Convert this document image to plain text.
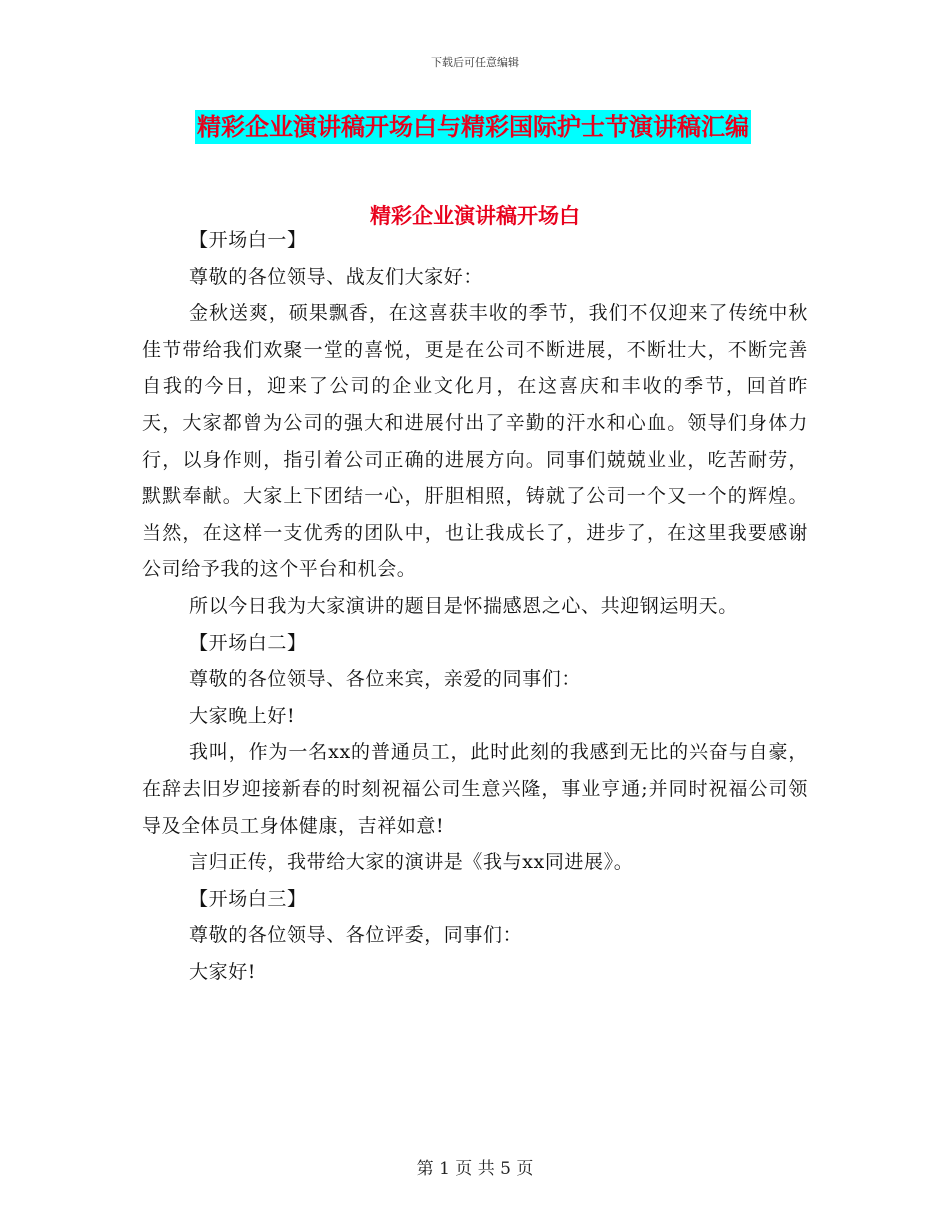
下载后可任意编辑
精彩企业演讲稿开场白与精彩国际护士节演讲稿汇编
精彩企业演讲稿开场白

【开场白一】

尊敬的各位领导、战友们大家好：

金秋送爽，硕果飘香，在这喜获丰收的季节，我们不仅迎来了传统中秋佳节带给我们欢聚一堂的喜悦，更是在公司不断进展，不断壮大，不断完善自我的今日，迎来了公司的企业文化月，在这喜庆和丰收的季节，回首昨天，大家都曾为公司的强大和进展付出了辛勤的汗水和心血。领导们身体力行，以身作则，指引着公司正确的进展方向。同事们兢兢业业，吃苦耐劳，默默奉献。大家上下团结一心，肝胆相照，铸就了公司一个又一个的辉煌。当然，在这样一支优秀的团队中，也让我成长了，进步了，在这里我要感谢公司给予我的这个平台和机会。

所以今日我为大家演讲的题目是怀揣感恩之心、共迎钢运明天。

【开场白二】

尊敬的各位领导、各位来宾，亲爱的同事们：

大家晚上好!

我叫，作为一名xx的普通员工，此时此刻的我感到无比的兴奋与自豪，在辞去旧岁迎接新春的时刻祝福公司生意兴隆，事业亨通;并同时祝福公司领导及全体员工身体健康，吉祥如意!

言归正传，我带给大家的演讲是《我与xx同进展》。

【开场白三】

尊敬的各位领导、各位评委，同事们：

大家好!

第 1 页 共 5 页
